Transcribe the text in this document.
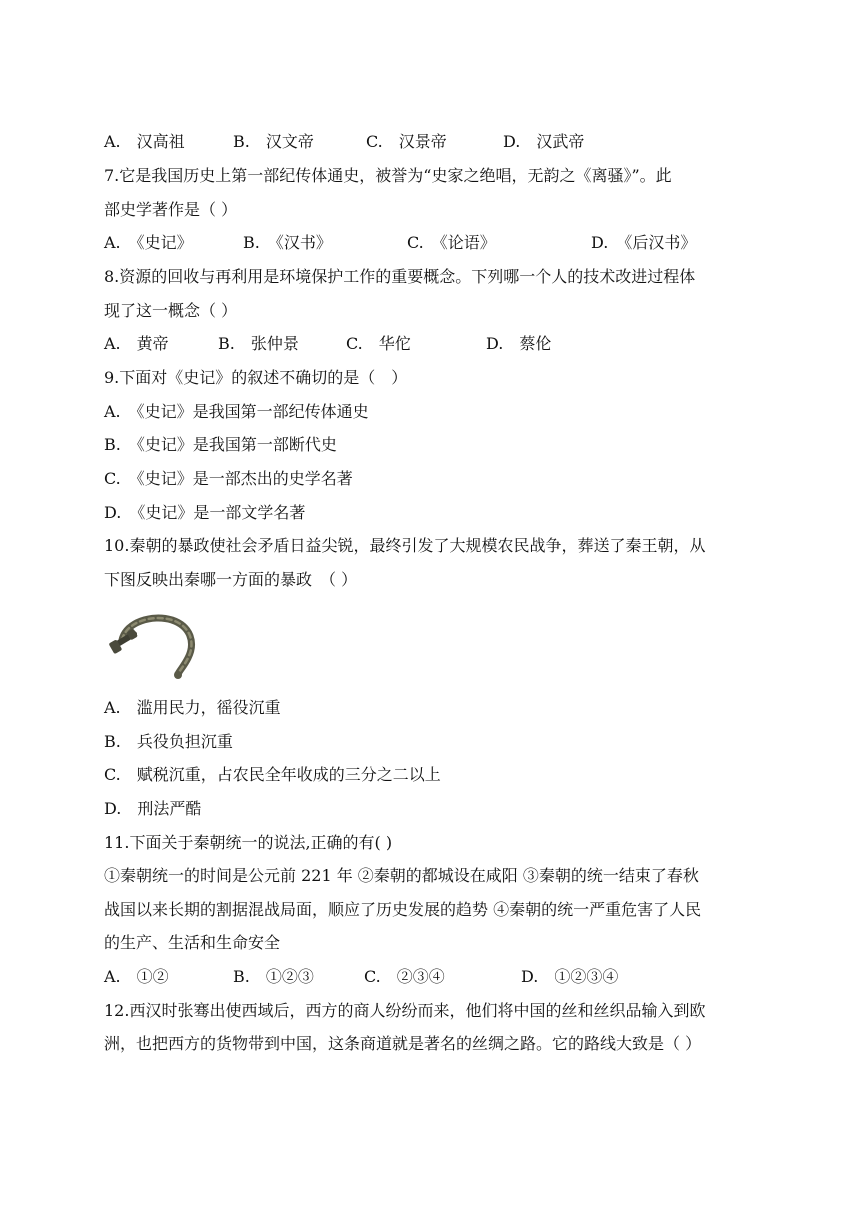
A.　汉高祖	B.　汉文帝	C.　汉景帝	D.　汉武帝
7.它是我国历史上第一部纪传体通史，被誉为“史家之绝唱，无韵之《离骚》”。此
部史学著作是（ ）
A.　《史记》	B.　《汉书》	C.　《论语》	D.　《后汉书》
8.资源的回收与再利用是环境保护工作的重要概念。下列哪一个人的技术改进过程体
现了这一概念（ ）
A.　黄帝	B.　张仲景	C.　华佗	D.　蔡伦
9.下面对《史记》的叙述不确切的是（　）
A.　《史记》是我国第一部纪传体通史
B.　《史记》是我国第一部断代史
C.　《史记》是一部杰出的史学名著
D.　《史记》是一部文学名著
10.秦朝的暴政使社会矛盾日益尖锐，最终引发了大规模农民战争，葬送了秦王朝，从
下图反映出秦哪一方面的暴政　（ ）
A.　滥用民力，徭役沉重
B.　兵役负担沉重
C.　赋税沉重，占农民全年收成的三分之二以上
D.　刑法严酷
11.下面关于秦朝统一的说法,正确的有( )
①秦朝统一的时间是公元前 221 年 ②秦朝的都城设在咸阳 ③秦朝的统一结束了春秋
战国以来长期的割据混战局面，顺应了历史发展的趋势 ④秦朝的统一严重危害了人民
的生产、生活和生命安全
A.　①②	B.　①②③	C.　②③④	D.　①②③④
12.西汉时张骞出使西域后，西方的商人纷纷而来，他们将中国的丝和丝织品输入到欧
洲，也把西方的货物带到中国，这条商道就是著名的丝绸之路。它的路线大致是（ ）
